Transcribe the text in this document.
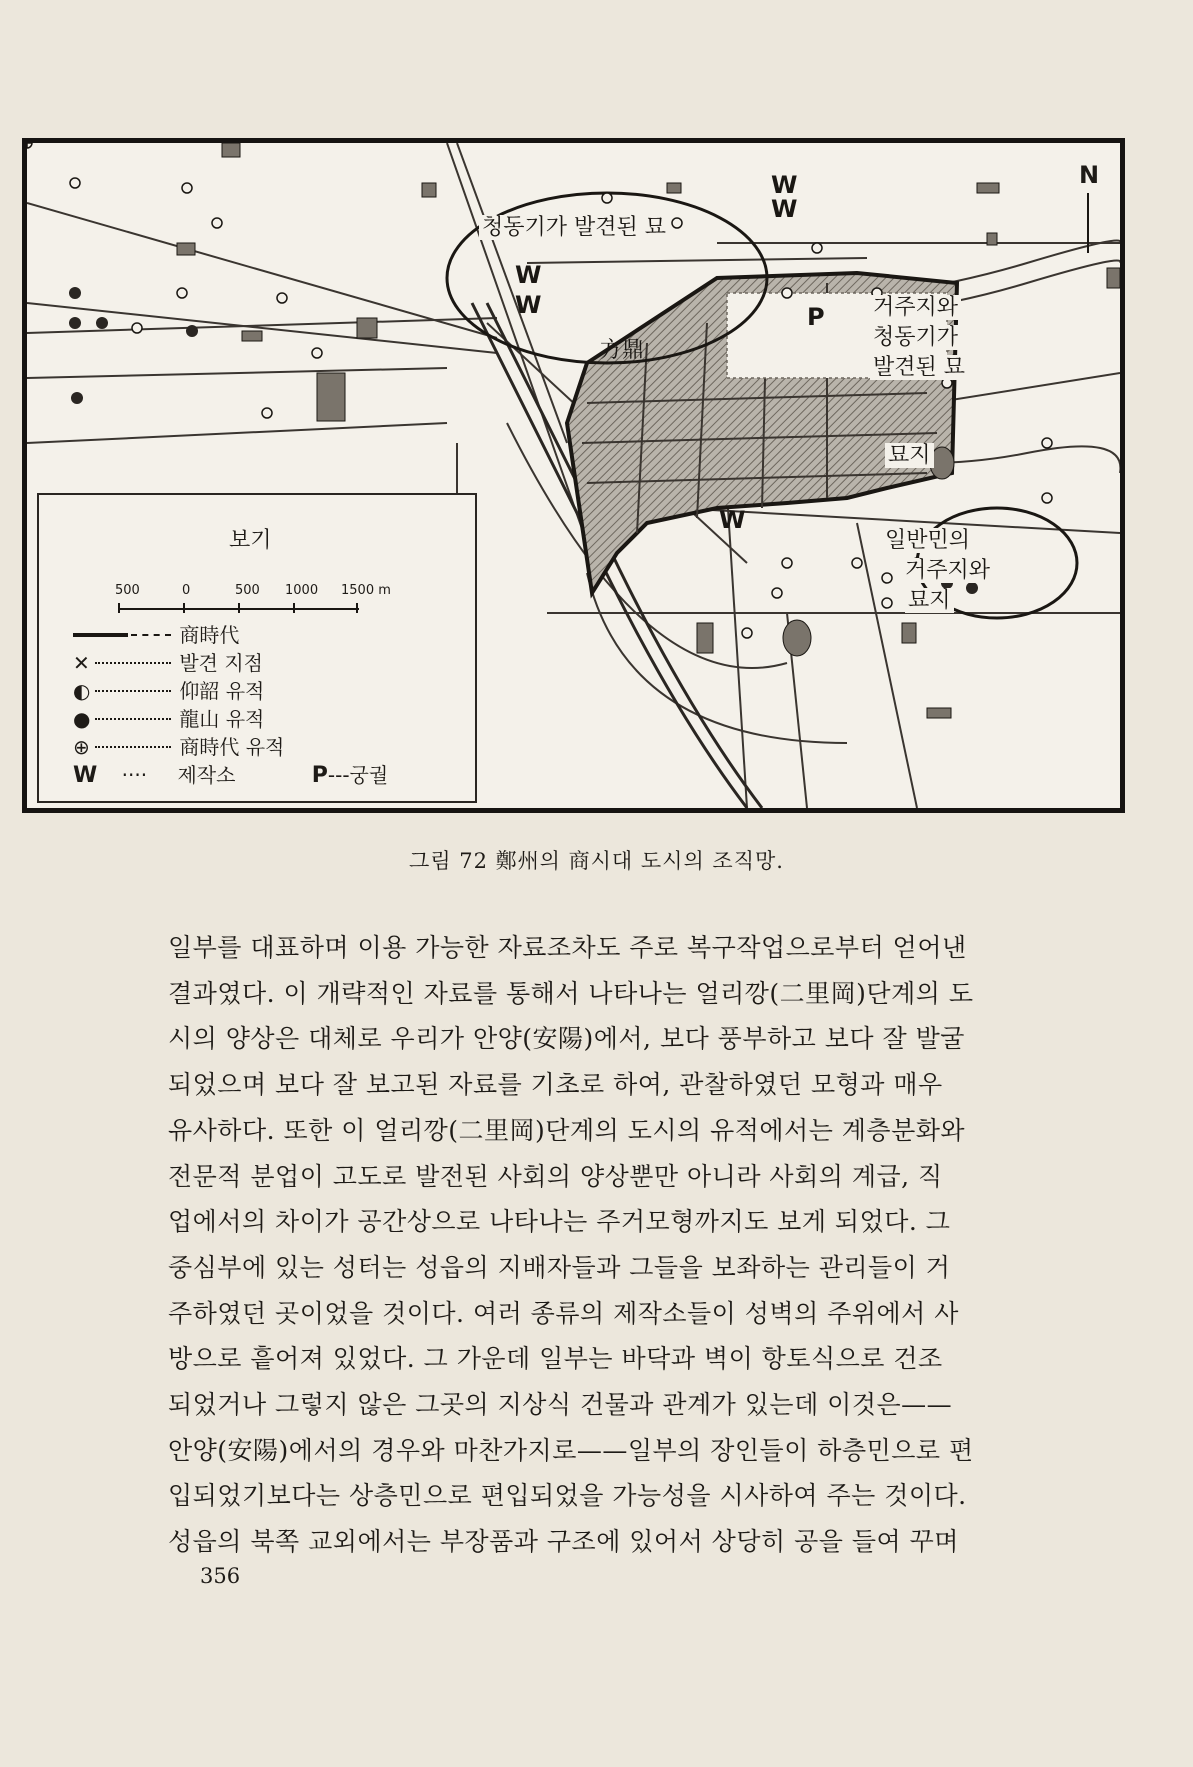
N
청동기가 발견된 묘
方鼎
거주지와
청동기가
발견된 묘
묘지
일반민의
거주지와
묘지
P
W
W
W
W
W
보기
500	0	500 1000 1500 m
商時代
✕	발견 지점
◐	仰韶 유적
●	龍山 유적
⊕	商時代 유적
W ···· 제작소	P---궁궐
그림 72 鄭州의 商시대 도시의 조직망.

일부를 대표하며 이용 가능한 자료조차도 주로 복구작업으로부터 얻어낸

결과였다. 이 개략적인 자료를 통해서 나타나는 얼리깡(二里岡)단계의 도

시의 양상은 대체로 우리가 안양(安陽)에서, 보다 풍부하고 보다 잘 발굴

되었으며 보다 잘 보고된 자료를 기초로 하여, 관찰하였던 모형과 매우

유사하다. 또한 이 얼리깡(二里岡)단계의 도시의 유적에서는 계층분화와

전문적 분업이 고도로 발전된 사회의 양상뿐만 아니라 사회의 계급, 직

업에서의 차이가 공간상으로 나타나는 주거모형까지도 보게 되었다. 그

중심부에 있는 성터는 성읍의 지배자들과 그들을 보좌하는 관리들이 거

주하였던 곳이었을 것이다. 여러 종류의 제작소들이 성벽의 주위에서 사

방으로 흩어져 있었다. 그 가운데 일부는 바닥과 벽이 항토식으로 건조

되었거나 그렇지 않은 그곳의 지상식 건물과 관계가 있는데 이것은——

안양(安陽)에서의 경우와 마찬가지로——일부의 장인들이 하층민으로 편

입되었기보다는 상층민으로 편입되었을 가능성을 시사하여 주는 것이다.

성읍의 북쪽 교외에서는 부장품과 구조에 있어서 상당히 공을 들여 꾸며

356
